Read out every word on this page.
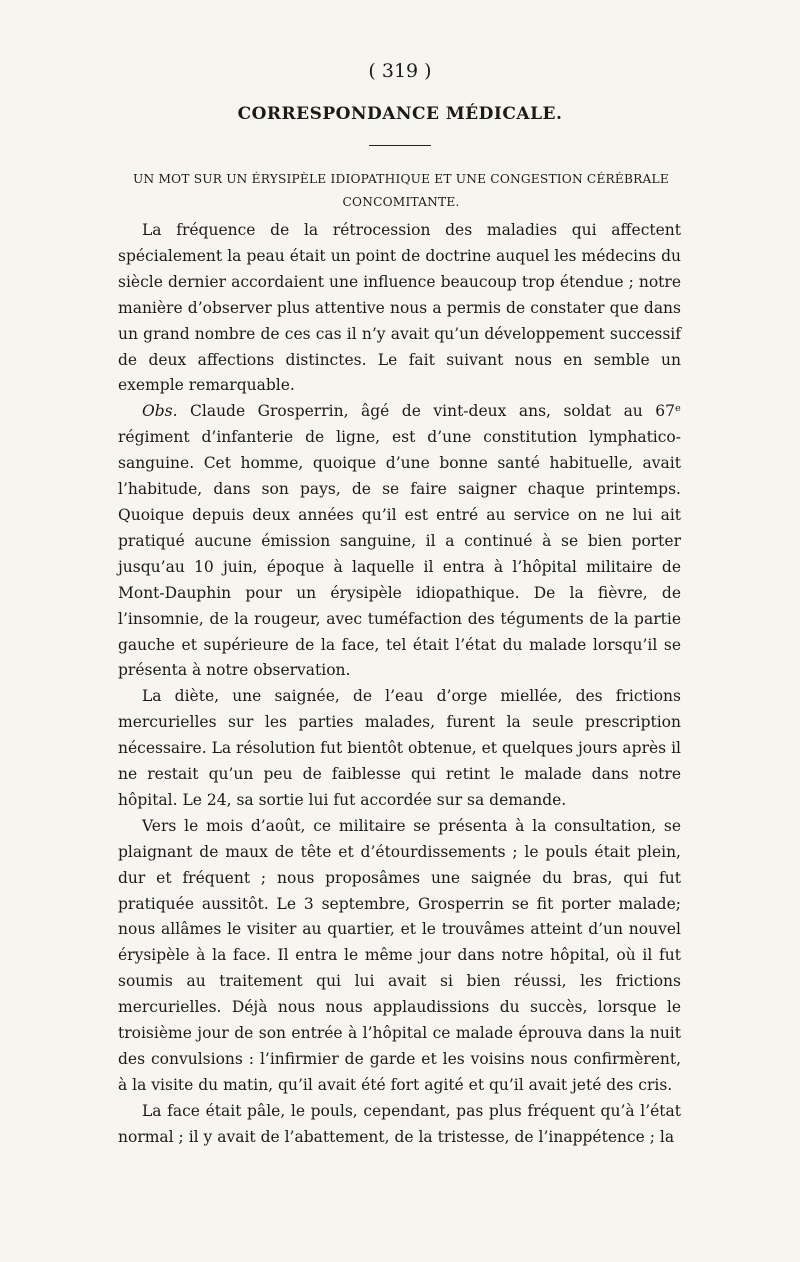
( 319 )
CORRESPONDANCE MÉDICALE.
UN MOT SUR UN ÉRYSIPÈLE IDIOPATHIQUE ET UNE CONGESTION CÉRÉBRALE CONCOMITANTE.

La fréquence de la rétrocession des maladies qui affectent spécialement la peau était un point de doctrine auquel les médecins du siècle dernier accordaient une influence beaucoup trop étendue ; notre manière d’observer plus attentive nous a permis de constater que dans un grand nombre de ces cas il n’y avait qu’un développement successif de deux affections distinctes. Le fait suivant nous en semble un exemple remarquable.

Obs. Claude Grosperrin, âgé de vint-deux ans, soldat au 67ᵉ régiment d’infanterie de ligne, est d’une constitution lymphatico-sanguine. Cet homme, quoique d’une bonne santé habituelle, avait l’habitude, dans son pays, de se faire saigner chaque printemps. Quoique depuis deux années qu’il est entré au service on ne lui ait pratiqué aucune émission sanguine, il a continué à se bien porter jusqu’au 10 juin, époque à laquelle il entra à l’hôpital militaire de Mont-Dauphin pour un érysipèle idiopathique. De la fièvre, de l’insomnie, de la rougeur, avec tuméfaction des téguments de la partie gauche et supérieure de la face, tel était l’état du malade lorsqu’il se présenta à notre observation.

La diète, une saignée, de l’eau d’orge miellée, des frictions mercurielles sur les parties malades, furent la seule prescription nécessaire. La résolution fut bientôt obtenue, et quelques jours après il ne restait qu’un peu de faiblesse qui retint le malade dans notre hôpital. Le 24, sa sortie lui fut accordée sur sa demande.

Vers le mois d’août, ce militaire se présenta à la consultation, se plaignant de maux de tête et d’étourdissements ; le pouls était plein, dur et fréquent ; nous proposâmes une saignée du bras, qui fut pratiquée aussitôt. Le 3 septembre, Grosperrin se fit porter malade; nous allâmes le visiter au quartier, et le trouvâmes atteint d’un nouvel érysipèle à la face. Il entra le même jour dans notre hôpital, où il fut soumis au traitement qui lui avait si bien réussi, les frictions mercurielles. Déjà nous nous applaudissions du succès, lorsque le troisième jour de son entrée à l’hôpital ce malade éprouva dans la nuit des convulsions : l’infirmier de garde et les voisins nous confirmèrent, à la visite du matin, qu’il avait été fort agité et qu’il avait jeté des cris.

La face était pâle, le pouls, cependant, pas plus fréquent qu’à l’état normal ; il y avait de l’abattement, de la tristesse, de l’inappétence ; la
